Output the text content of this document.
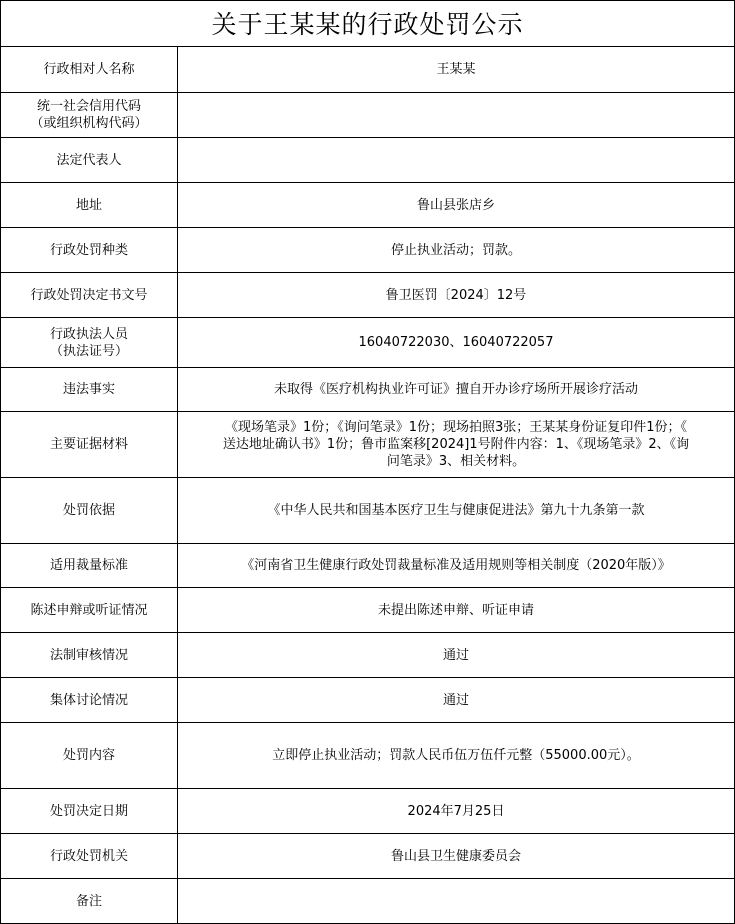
关于王某某的行政处罚公示
行政相对人名称	王某某

统一社会信用代码
（或组织机构代码）	

法定代表人	

地址	鲁山县张店乡

行政处罚种类	停止执业活动；罚款。

行政处罚决定书文号	鲁卫医罚〔2024〕12号

行政执法人员
（执法证号）	16040722030、16040722057

违法事实	未取得《医疗机构执业许可证》擅自开办诊疗场所开展诊疗活动

主要证据材料	《现场笔录》1份；《询问笔录》1份；现场拍照3张；王某某身份证复印件1份；《
送达地址确认书》1份；鲁市监案移[2024]1号附件内容：1、《现场笔录》2、《询
问笔录》3、相关材料。

处罚依据	《中华人民共和国基本医疗卫生与健康促进法》第九十九条第一款

适用裁量标准	《河南省卫生健康行政处罚裁量标准及适用规则等相关制度（2020年版）》

陈述申辩或听证情况	未提出陈述申辩、听证申请

法制审核情况	通过

集体讨论情况	通过

处罚内容	立即停止执业活动；罚款人民币伍万伍仟元整（55000.00元）。

处罚决定日期	2024年7月25日

行政处罚机关	鲁山县卫生健康委员会

备注	
